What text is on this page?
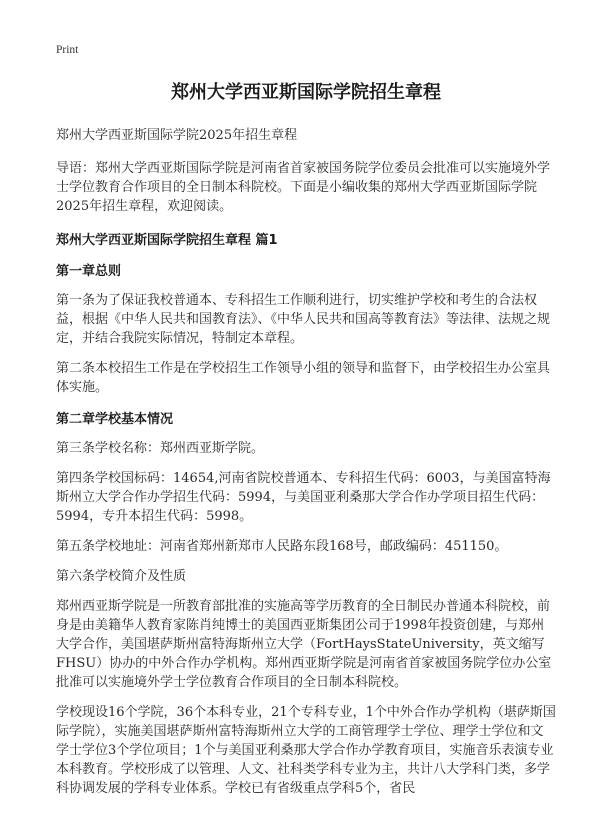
Print
郑州大学西亚斯国际学院招生章程

郑州大学西亚斯国际学院2025年招生章程

导语：郑州大学西亚斯国际学院是河南省首家被国务院学位委员会批准可以实施境外学士学位教育合作项目的全日制本科院校。下面是小编收集的郑州大学西亚斯国际学院2025年招生章程，欢迎阅读。

郑州大学西亚斯国际学院招生章程 篇1
第一章总则

第一条为了保证我校普通本、专科招生工作顺利进行，切实维护学校和考生的合法权益，根据《中华人民共和国教育法》、《中华人民共和国高等教育法》等法律、法规之规定，并结合我院实际情况，特制定本章程。

第二条本校招生工作是在学校招生工作领导小组的领导和监督下，由学校招生办公室具体实施。

第二章学校基本情况

第三条学校名称：郑州西亚斯学院。

第四条学校国标码：14654,河南省院校普通本、专科招生代码：6003，与美国富特海斯州立大学合作办学招生代码：5994，与美国亚利桑那大学合作办学项目招生代码：5994，专升本招生代码：5998。

第五条学校地址：河南省郑州新郑市人民路东段168号，邮政编码：451150。

第六条学校简介及性质

郑州西亚斯学院是一所教育部批准的实施高等学历教育的全日制民办普通本科院校，前身是由美籍华人教育家陈肖纯博士的美国西亚斯集团公司于1998年投资创建，与郑州大学合作，美国堪萨斯州富特海斯州立大学（FortHaysStateUniversity，英文缩写FHSU）协办的中外合作办学机构。郑州西亚斯学院是河南省首家被国务院学位办公室批准可以实施境外学士学位教育合作项目的全日制本科院校。

学校现设16个学院，36个本科专业，21个专科专业，1个中外合作办学机构（堪萨斯国际学院），实施美国堪萨斯州富特海斯州立大学的工商管理学士学位、理学士学位和文学士学位3个学位项目；1个与美国亚利桑那大学合作办学教育项目，实施音乐表演专业本科教育。学校形成了以管理、人文、社科类学科专业为主，共计八大学科门类，多学科协调发展的学科专业体系。学校已有省级重点学科5个，省民
